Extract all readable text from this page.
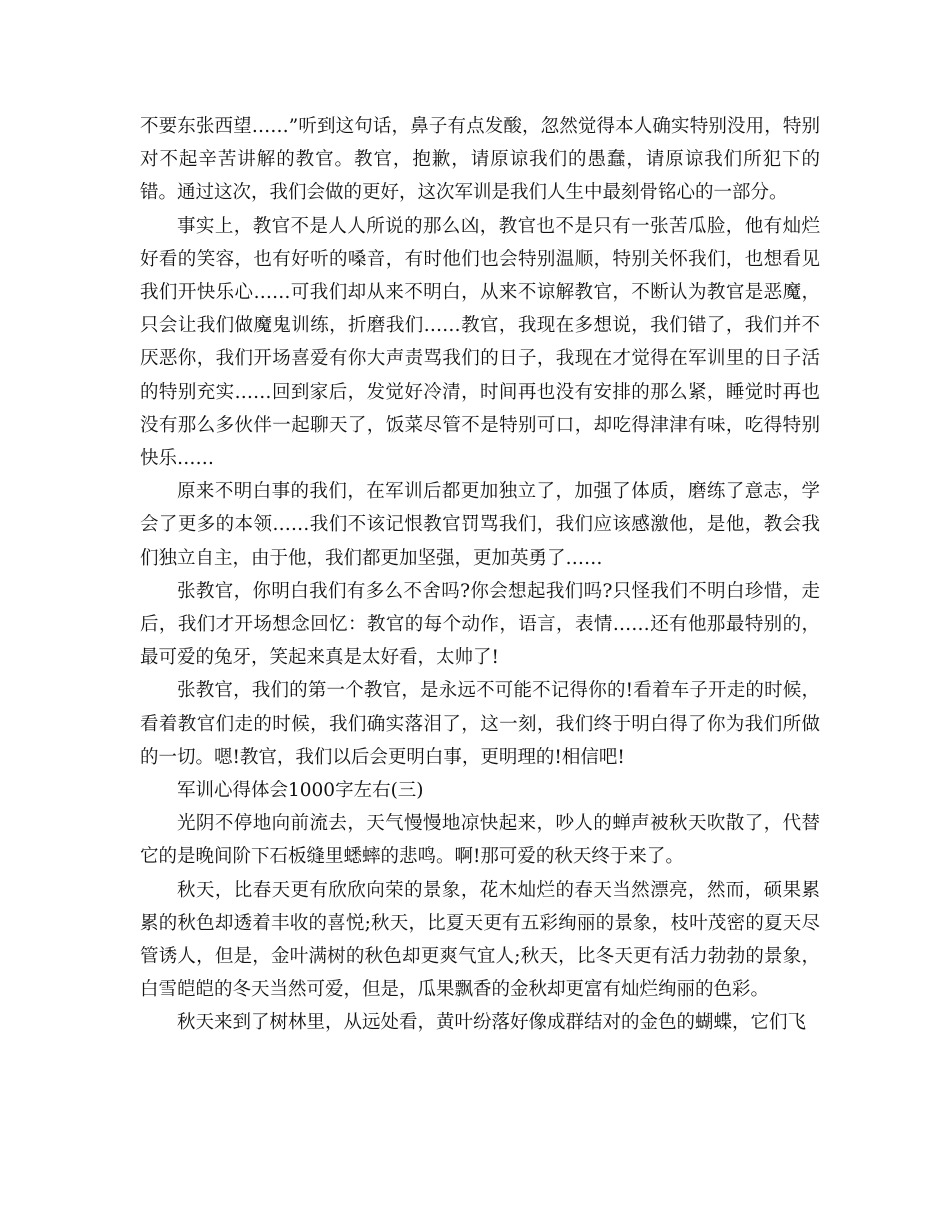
不要东张西望……”听到这句话，鼻子有点发酸，忽然觉得本人确实特别没用，特别对不起辛苦讲解的教官。教官，抱歉，请原谅我们的愚蠢，请原谅我们所犯下的错。通过这次，我们会做的更好，这次军训是我们人生中最刻骨铭心的一部分。

事实上，教官不是人人所说的那么凶，教官也不是只有一张苦瓜脸，他有灿烂好看的笑容，也有好听的嗓音，有时他们也会特别温顺，特别关怀我们，也想看见我们开快乐心……可我们却从来不明白，从来不谅解教官，不断认为教官是恶魔，只会让我们做魔鬼训练，折磨我们……教官，我现在多想说，我们错了，我们并不厌恶你，我们开场喜爱有你大声责骂我们的日子，我现在才觉得在军训里的日子活的特别充实……回到家后，发觉好冷清，时间再也没有安排的那么紧，睡觉时再也没有那么多伙伴一起聊天了，饭菜尽管不是特别可口，却吃得津津有味，吃得特别快乐……

原来不明白事的我们，在军训后都更加独立了，加强了体质，磨练了意志，学会了更多的本领……我们不该记恨教官罚骂我们，我们应该感激他，是他，教会我们独立自主，由于他，我们都更加坚强，更加英勇了……

张教官，你明白我们有多么不舍吗?你会想起我们吗?只怪我们不明白珍惜，走后，我们才开场想念回忆：教官的每个动作，语言，表情……还有他那最特别的，最可爱的兔牙，笑起来真是太好看，太帅了!

张教官，我们的第一个教官，是永远不可能不记得你的!看着车子开走的时候，看着教官们走的时候，我们确实落泪了，这一刻，我们终于明白得了你为我们所做的一切。嗯!教官，我们以后会更明白事，更明理的!相信吧!

军训心得体会1000字左右(三)

光阴不停地向前流去，天气慢慢地凉快起来，吵人的蝉声被秋天吹散了，代替它的是晚间阶下石板缝里蟋蟀的悲鸣。啊!那可爱的秋天终于来了。

秋天，比春天更有欣欣向荣的景象，花木灿烂的春天当然漂亮，然而，硕果累累的秋色却透着丰收的喜悦;秋天，比夏天更有五彩绚丽的景象，枝叶茂密的夏天尽管诱人，但是，金叶满树的秋色却更爽气宜人;秋天，比冬天更有活力勃勃的景象，白雪皑皑的冬天当然可爱，但是，瓜果飘香的金秋却更富有灿烂绚丽的色彩。

秋天来到了树林里，从远处看，黄叶纷落好像成群结对的金色的蝴蝶，它们飞
